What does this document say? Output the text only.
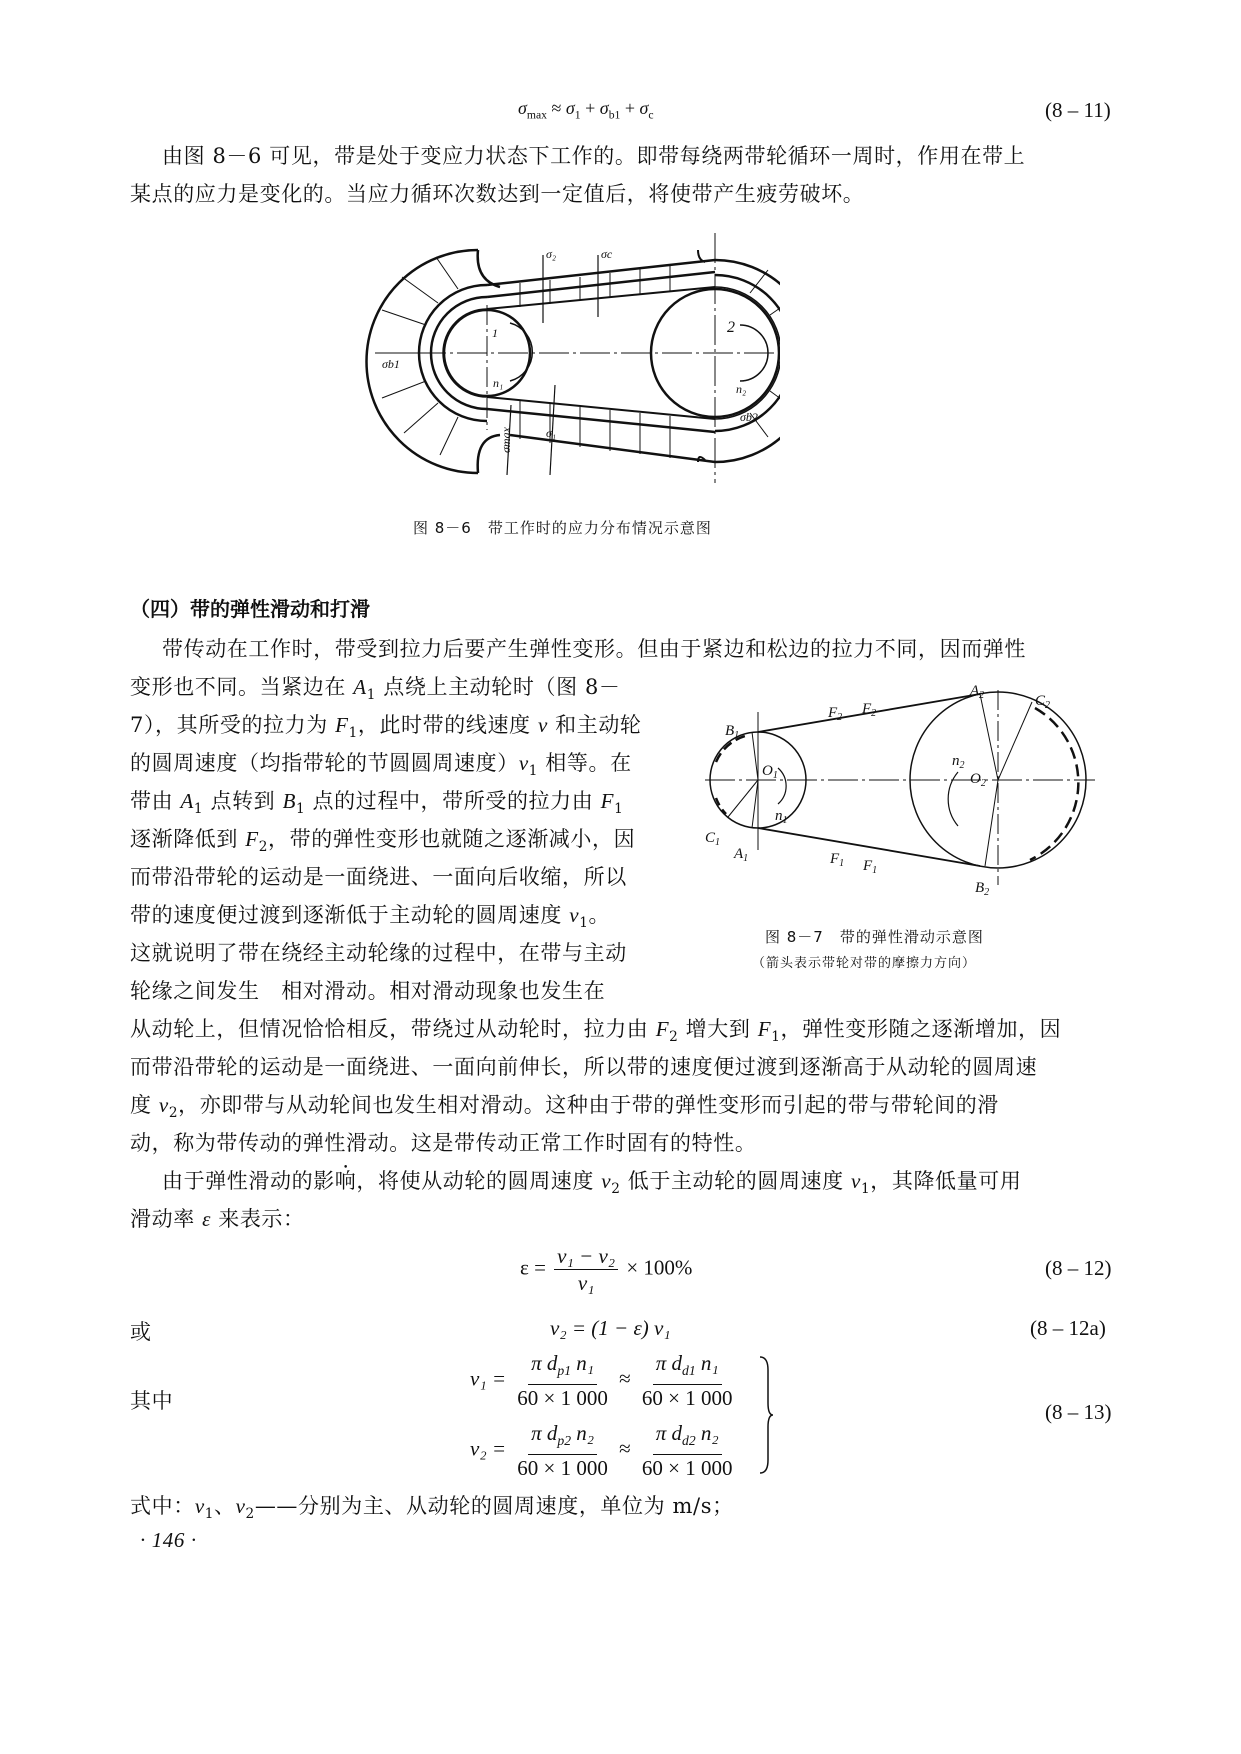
$\sigma_{max} \approx \sigma_1 + \sigma_{b1} + \sigma_c$	(8 – 11)
由图 8－6 可见，带是处于变应力状态下工作的。即带每绕两带轮循环一周时，作用在带上
某点的应力是变化的。当应力循环次数达到一定值后，将使带产生疲劳破坏。
σ₂	σc
σb1
σb2
σ₁
σmax
1	2
n₁	n₂
图 8－6　带工作时的应力分布情况示意图
（四）带的弹性滑动和打滑
带传动在工作时，带受到拉力后要产生弹性变形。但由于紧边和松边的拉力不同，因而弹性
变形也不同。当紧边在 $A_1$ 点绕上主动轮时（图 8－
7），其所受的拉力为 $F_1$，此时带的线速度 v 和主动轮
的圆周速度（均指带轮的节圆圆周速度）$v_1$ 相等。在
带由 $A_1$ 点转到 $B_1$ 点的过程中，带所受的拉力由 $F_1$
逐渐降低到 $F_2$，带的弹性变形也就随之逐渐减小，因
而带沿带轮的运动是一面绕进、一面向后收缩，所以
带的速度便过渡到逐渐低于主动轮的圆周速度 $v_1$。
这就说明了带在绕经主动轮缘的过程中，在带与主动
轮缘之间发生　相对滑动。相对滑动现象也发生在
从动轮上，但情况恰恰相反，带绕过从动轮时，拉力由 $F_2$ 增大到 $F_1$，弹性变形随之逐渐增加，因
而带沿带轮的运动是一面绕进、一面向前伸长，所以带的速度便过渡到逐渐高于从动轮的圆周速
度 $v_2$，亦即带与从动轮间也发生相对滑动。这种由于带的弹性变形而引起的带与带轮间的滑
动，称为带传动的弹性滑动。这是带传动正常工作时固有的特性。
$B_1$
$A_1$
$C_1$
$O_1$
$n_1$
$A_2$
$B_2$
$C_2$
$O_2$
$n_2$
$F_2$
$F_2$
$F_1$ $F_1$
图 8－7　带的弹性滑动示意图
（箭头表示带轮对带的摩擦力方向）
由于弹性滑动的影响，将使从动轮的圆周速度 $v_2$ 低于主动轮的圆周速度 $v_1$，其降低量可用
滑动率 ε 来表示：
$\varepsilon = \frac{\text{v₁ − v₂}}{\text{v₁}} \times 100\%$	(8 – 12)
或	v₂ = (1 − ε) v₁	(8 – 12a)
其中
$v_1 = \frac{\pi d_{p1} n_1}{60 \times 1 000} \approx \frac{\pi d_{d1} n_1}{60 \times 1 000}$
$v_2 = \frac{\pi d_{p2} n_2}{60 \times 1 000} \approx \frac{\pi d_{d2} n_2}{60 \times 1 000}$
(8 – 13)
式中：$v_1$、$v_2——$分别为主、从动轮的圆周速度，单位为 m/s；
· 146 ·
